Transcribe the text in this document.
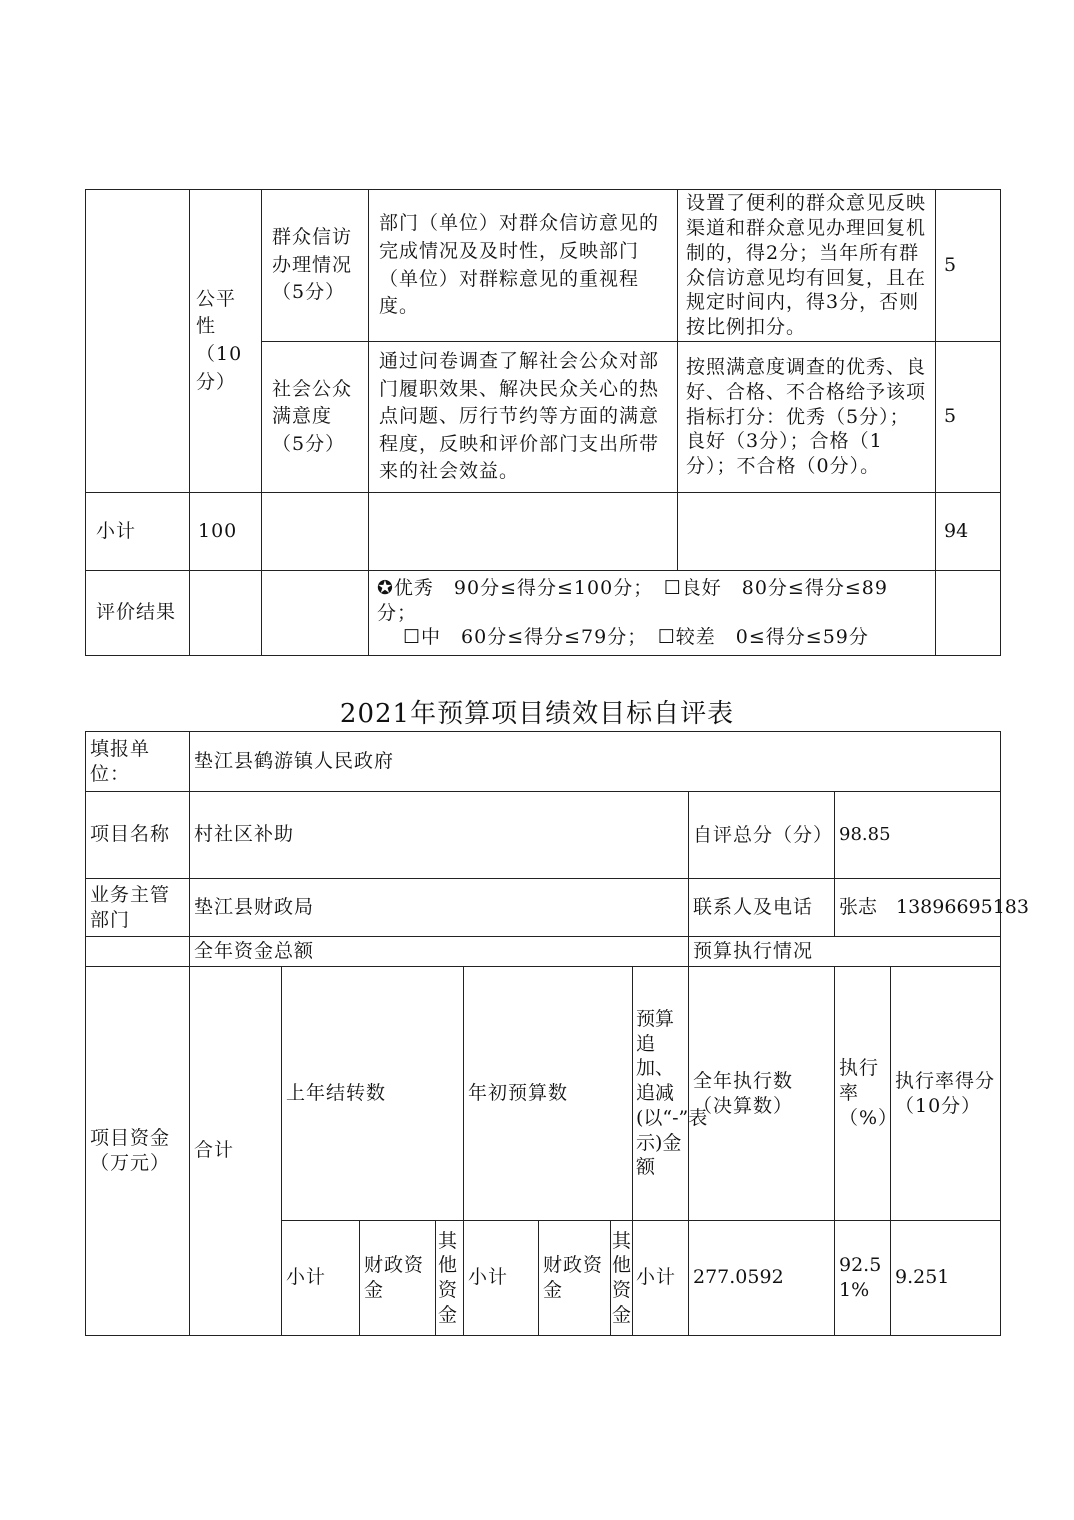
	公平性（10分）	群众信访办理情况（5分）	部门（单位）对群众信访意见的完成情况及及时性，反映部门（单位）对群粽意见的重视程度。	设置了便利的群众意见反映渠道和群众意见办理回复机制的，得2分；当年所有群众信访意见均有回复，且在规定时间内，得3分，否则按比例扣分。	5
		社会公众满意度（5分）	通过问卷调查了解社会公众对部门履职效果、解决民众关心的热点问题、厉行节约等方面的满意程度，反映和评价部门支出所带来的社会效益。	按照满意度调查的优秀、良好、合格、不合格给予该项指标打分：优秀（5分）；良好（3分）；合格（1分）；不合格（0分）。	5
小计	100				94
评价结果			✪优秀　90分≤得分≤100分；　☐良好　80分≤得分≤89分；
☐中　60分≤得分≤79分；　☐较差　0≤得分≤59分		

2021年预算项目绩效目标自评表
填报单位：	垫江县鹤游镇人民政府										
项目名称	村社区补助								自评总分（分）	98.85	
业务主管部门	垫江县财政局								联系人及电话	张志　13896695183	
	全年资金总额								预算执行情况		
项目资金（万元）	合计	上年结转数			年初预算数			预算追加、追减(以“-”表示)金额	全年执行数（决算数）	执行率（%）	执行率得分（10分）
		小计	财政资金	其他资金	小计	财政资金	其他资金	小计	277.0592	92.51%	9.251
